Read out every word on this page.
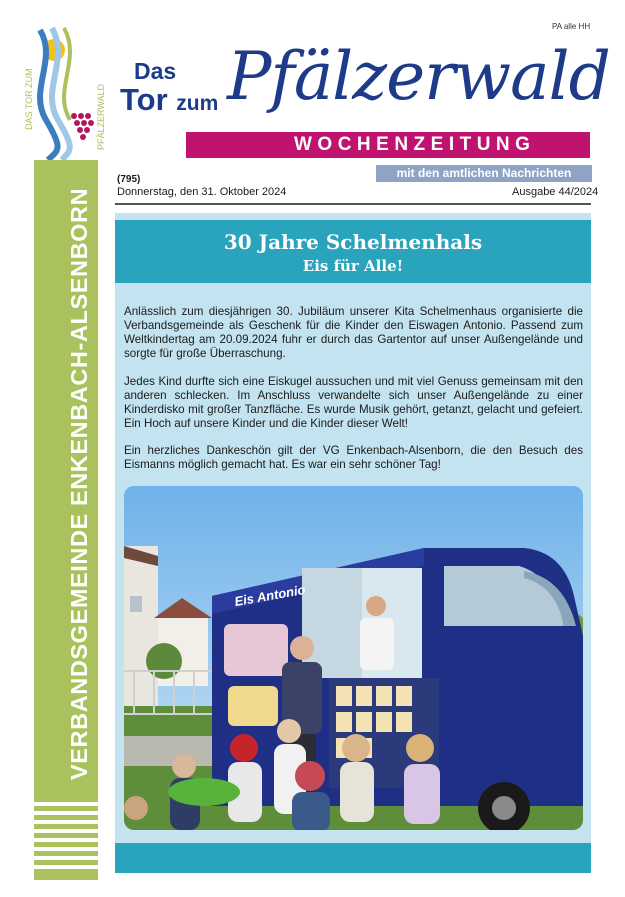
VERBANDSGEMEINDE ENKENBACH-ALSENBORN
DAS TOR ZUM	PFÄLZERWALD
PA alle HH
Das
Tor zum Pfälzerwald
WOCHENZEITUNG
mit den amtlichen Nachrichten
(795)
Donnerstag, den 31. Oktober 2024	Ausgabe 44/2024
30 Jahre Schelmenhals
Eis für Alle!
Anlässlich zum diesjährigen 30. Jubiläum unserer Kita Schelmenhaus organisierte die Verbandsgemeinde als Geschenk für die Kinder den Eiswagen Antonio. Passend zum Weltkindertag am 20.09.2024 fuhr er durch das Gartentor auf unser Außengelände und sorgte für große Überraschung.
Jedes Kind durfte sich eine Eiskugel aussuchen und mit viel Genuss gemeinsam mit den anderen schlecken. Im Anschluss verwandelte sich unser Außengelände zu einer Kinderdisko mit großer Tanzfläche. Es wurde Musik gehört, getanzt, gelacht und gefeiert. Ein Hoch auf unsere Kinder und die Kinder dieser Welt!
Ein herzliches Dankeschön gilt der VG Enkenbach-Alsenborn, die den Besuch des Eismanns möglich gemacht hat. Es war ein sehr schöner Tag!
Eis Antonio
